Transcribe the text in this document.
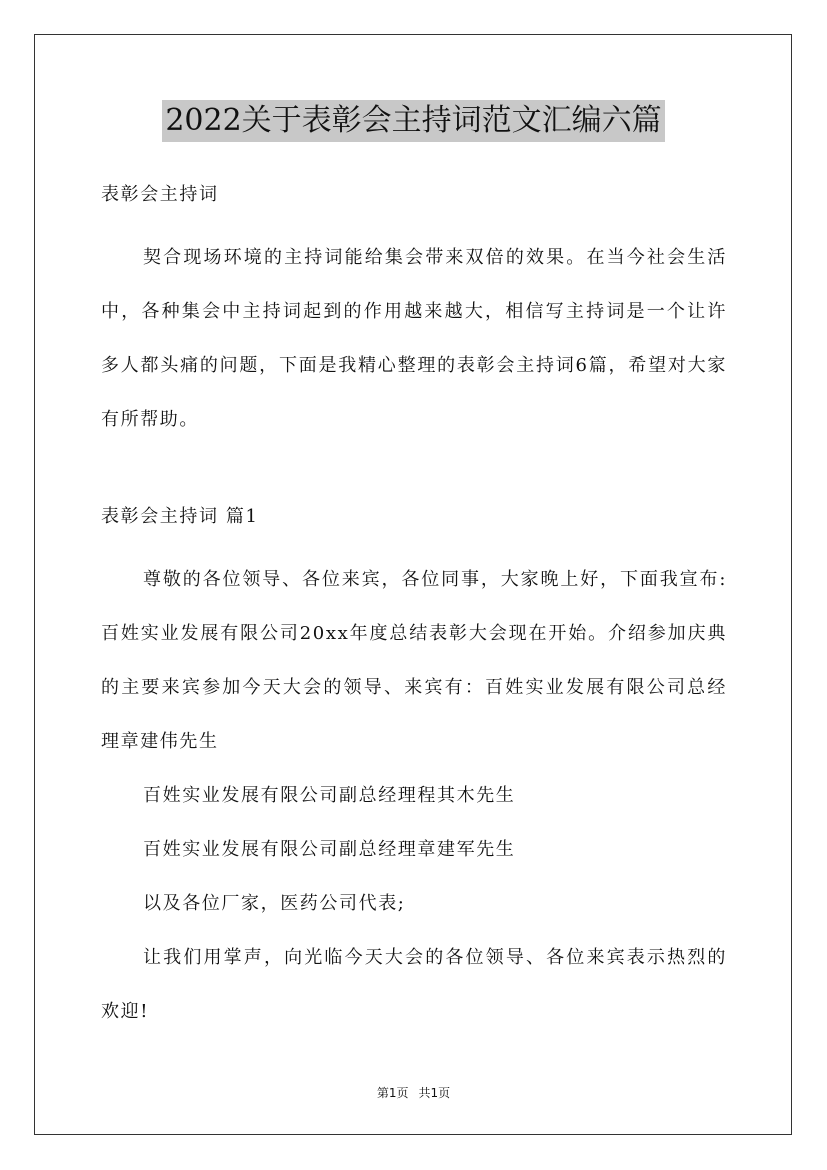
2022关于表彰会主持词范文汇编六篇

表彰会主持词

契合现场环境的主持词能给集会带来双倍的效果。在当今社会生活中，各种集会中主持词起到的作用越来越大，相信写主持词是一个让许多人都头痛的问题，下面是我精心整理的表彰会主持词6篇，希望对大家有所帮助。

表彰会主持词 篇1

尊敬的各位领导、各位来宾，各位同事，大家晚上好，下面我宣布:百姓实业发展有限公司20xx年度总结表彰大会现在开始。介绍参加庆典的主要来宾参加今天大会的领导、来宾有：百姓实业发展有限公司总经理章建伟先生

百姓实业发展有限公司副总经理程其木先生

百姓实业发展有限公司副总经理章建军先生

以及各位厂家，医药公司代表;

让我们用掌声，向光临今天大会的各位领导、各位来宾表示热烈的欢迎!

第1页 共1页
